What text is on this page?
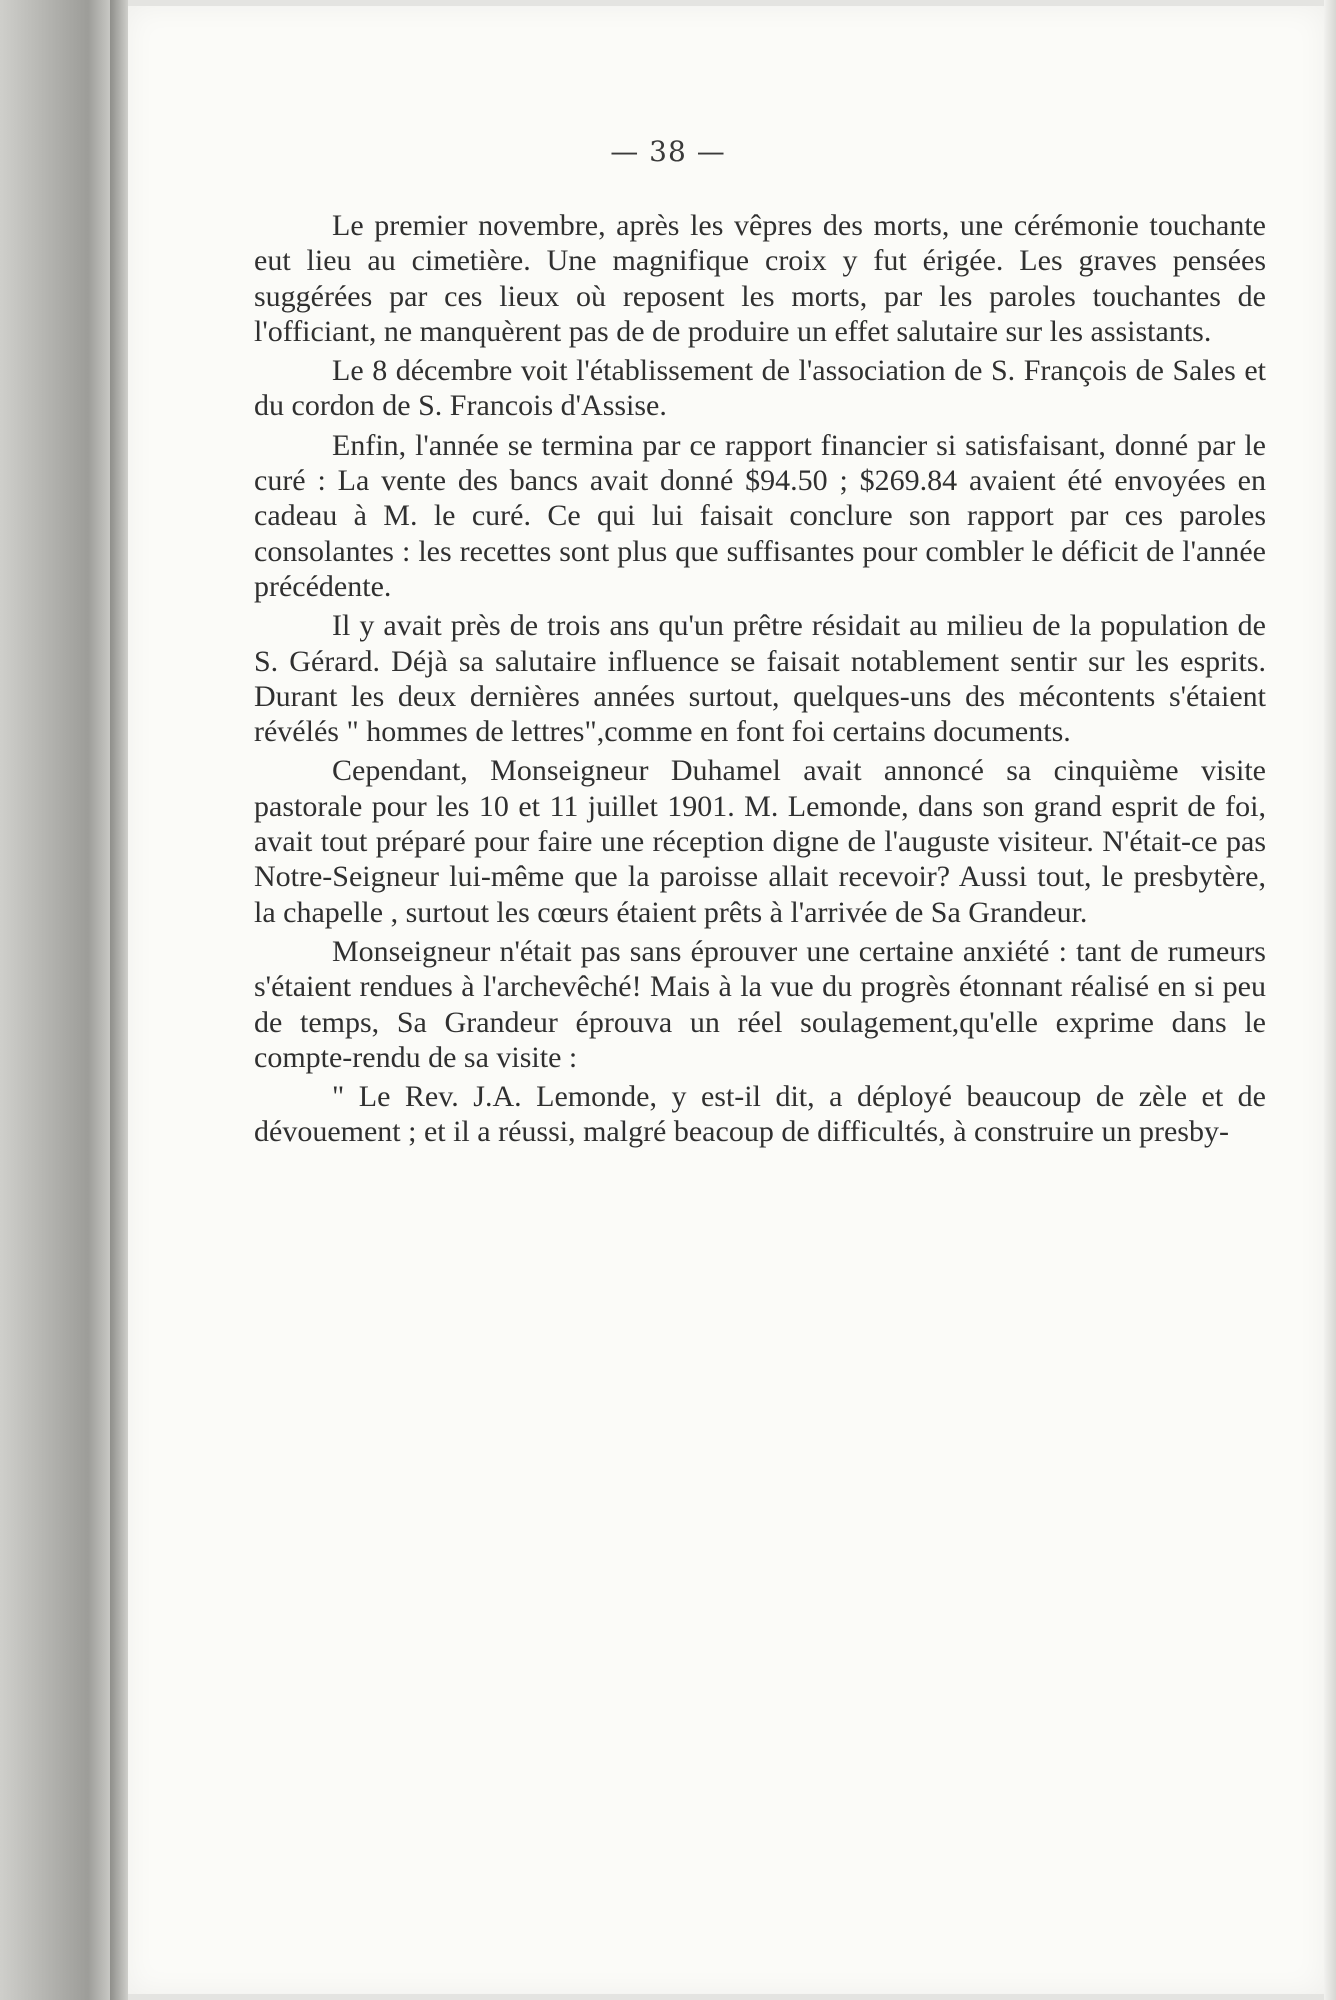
— 38 —

Le premier novembre, après les vêpres des morts, une cérémonie touchante eut lieu au cimetière. Une magnifique croix y fut érigée. Les graves pensées suggérées par ces lieux où reposent les morts, par les paroles touchantes de l'officiant, ne manquèrent pas de de produire un effet salutaire sur les assistants.

Le 8 décembre voit l'établissement de l'association de S. François de Sales et du cordon de S. Francois d'Assise.

Enfin, l'année se termina par ce rapport financier si satisfaisant, donné par le curé : La vente des bancs avait donné $94.50 ; $269.84 avaient été envoyées en cadeau à M. le curé. Ce qui lui faisait conclure son rapport par ces paroles consolantes : les recettes sont plus que suffisantes pour combler le déficit de l'année précédente.

Il y avait près de trois ans qu'un prêtre résidait au milieu de la population de S. Gérard. Déjà sa salutaire influence se faisait notablement sentir sur les esprits. Durant les deux dernières années surtout, quelques-uns des mécontents s'étaient révélés " hommes de lettres",comme en font foi certains documents.

Cependant, Monseigneur Duhamel avait annoncé sa cinquième visite pastorale pour les 10 et 11 juillet 1901. M. Lemonde, dans son grand esprit de foi, avait tout préparé pour faire une réception digne de l'auguste visiteur. N'était-ce pas Notre-Seigneur lui-même que la paroisse allait recevoir? Aussi tout, le presbytère, la chapelle , surtout les cœurs étaient prêts à l'arrivée de Sa Grandeur.

Monseigneur n'était pas sans éprouver une certaine anxiété : tant de rumeurs s'étaient rendues à l'archevêché! Mais à la vue du progrès étonnant réalisé en si peu de temps, Sa Grandeur éprouva un réel soulagement,qu'elle exprime dans le compte-rendu de sa visite :

" Le Rev. J.A. Lemonde, y est-il dit, a déployé beaucoup de zèle et de dévouement ; et il a réussi, malgré beacoup de difficultés, à construire un presby-
